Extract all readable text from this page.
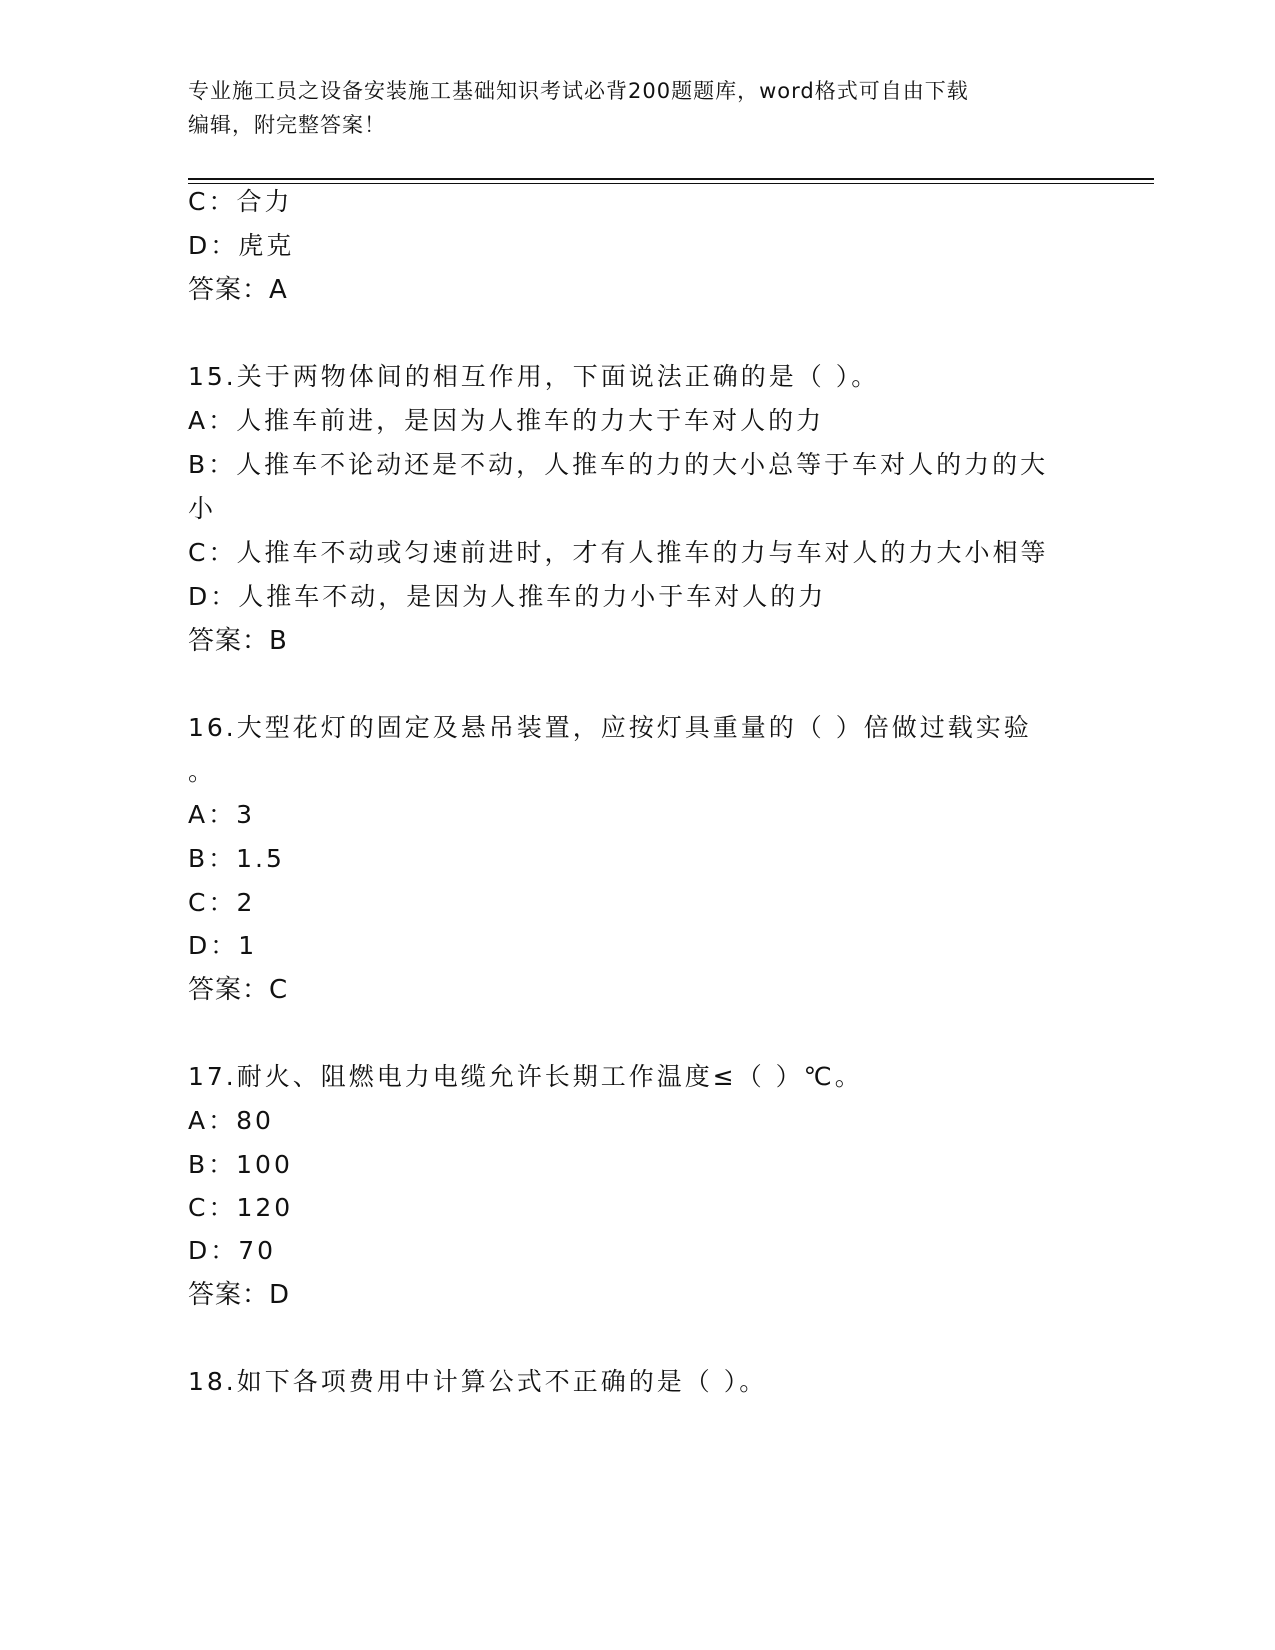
专业施工员之设备安装施工基础知识考试必背200题题库，word格式可自由下载
编辑，附完整答案！
C：合力
D：虎克
答案：A
15.关于两物体间的相互作用，下面说法正确的是（ ）。
A：人推车前进，是因为人推车的力大于车对人的力
B：人推车不论动还是不动，人推车的力的大小总等于车对人的力的大
小
C：人推车不动或匀速前进时，才有人推车的力与车对人的力大小相等
D：人推车不动，是因为人推车的力小于车对人的力
答案：B
16.大型花灯的固定及悬吊装置，应按灯具重量的（ ）倍做过载实验
。
A：3
B：1.5
C：2
D：1
答案：C
17.耐火、阻燃电力电缆允许长期工作温度≤（ ）℃。
A：80
B：100
C：120
D：70
答案：D
18.如下各项费用中计算公式不正确的是（ ）。
